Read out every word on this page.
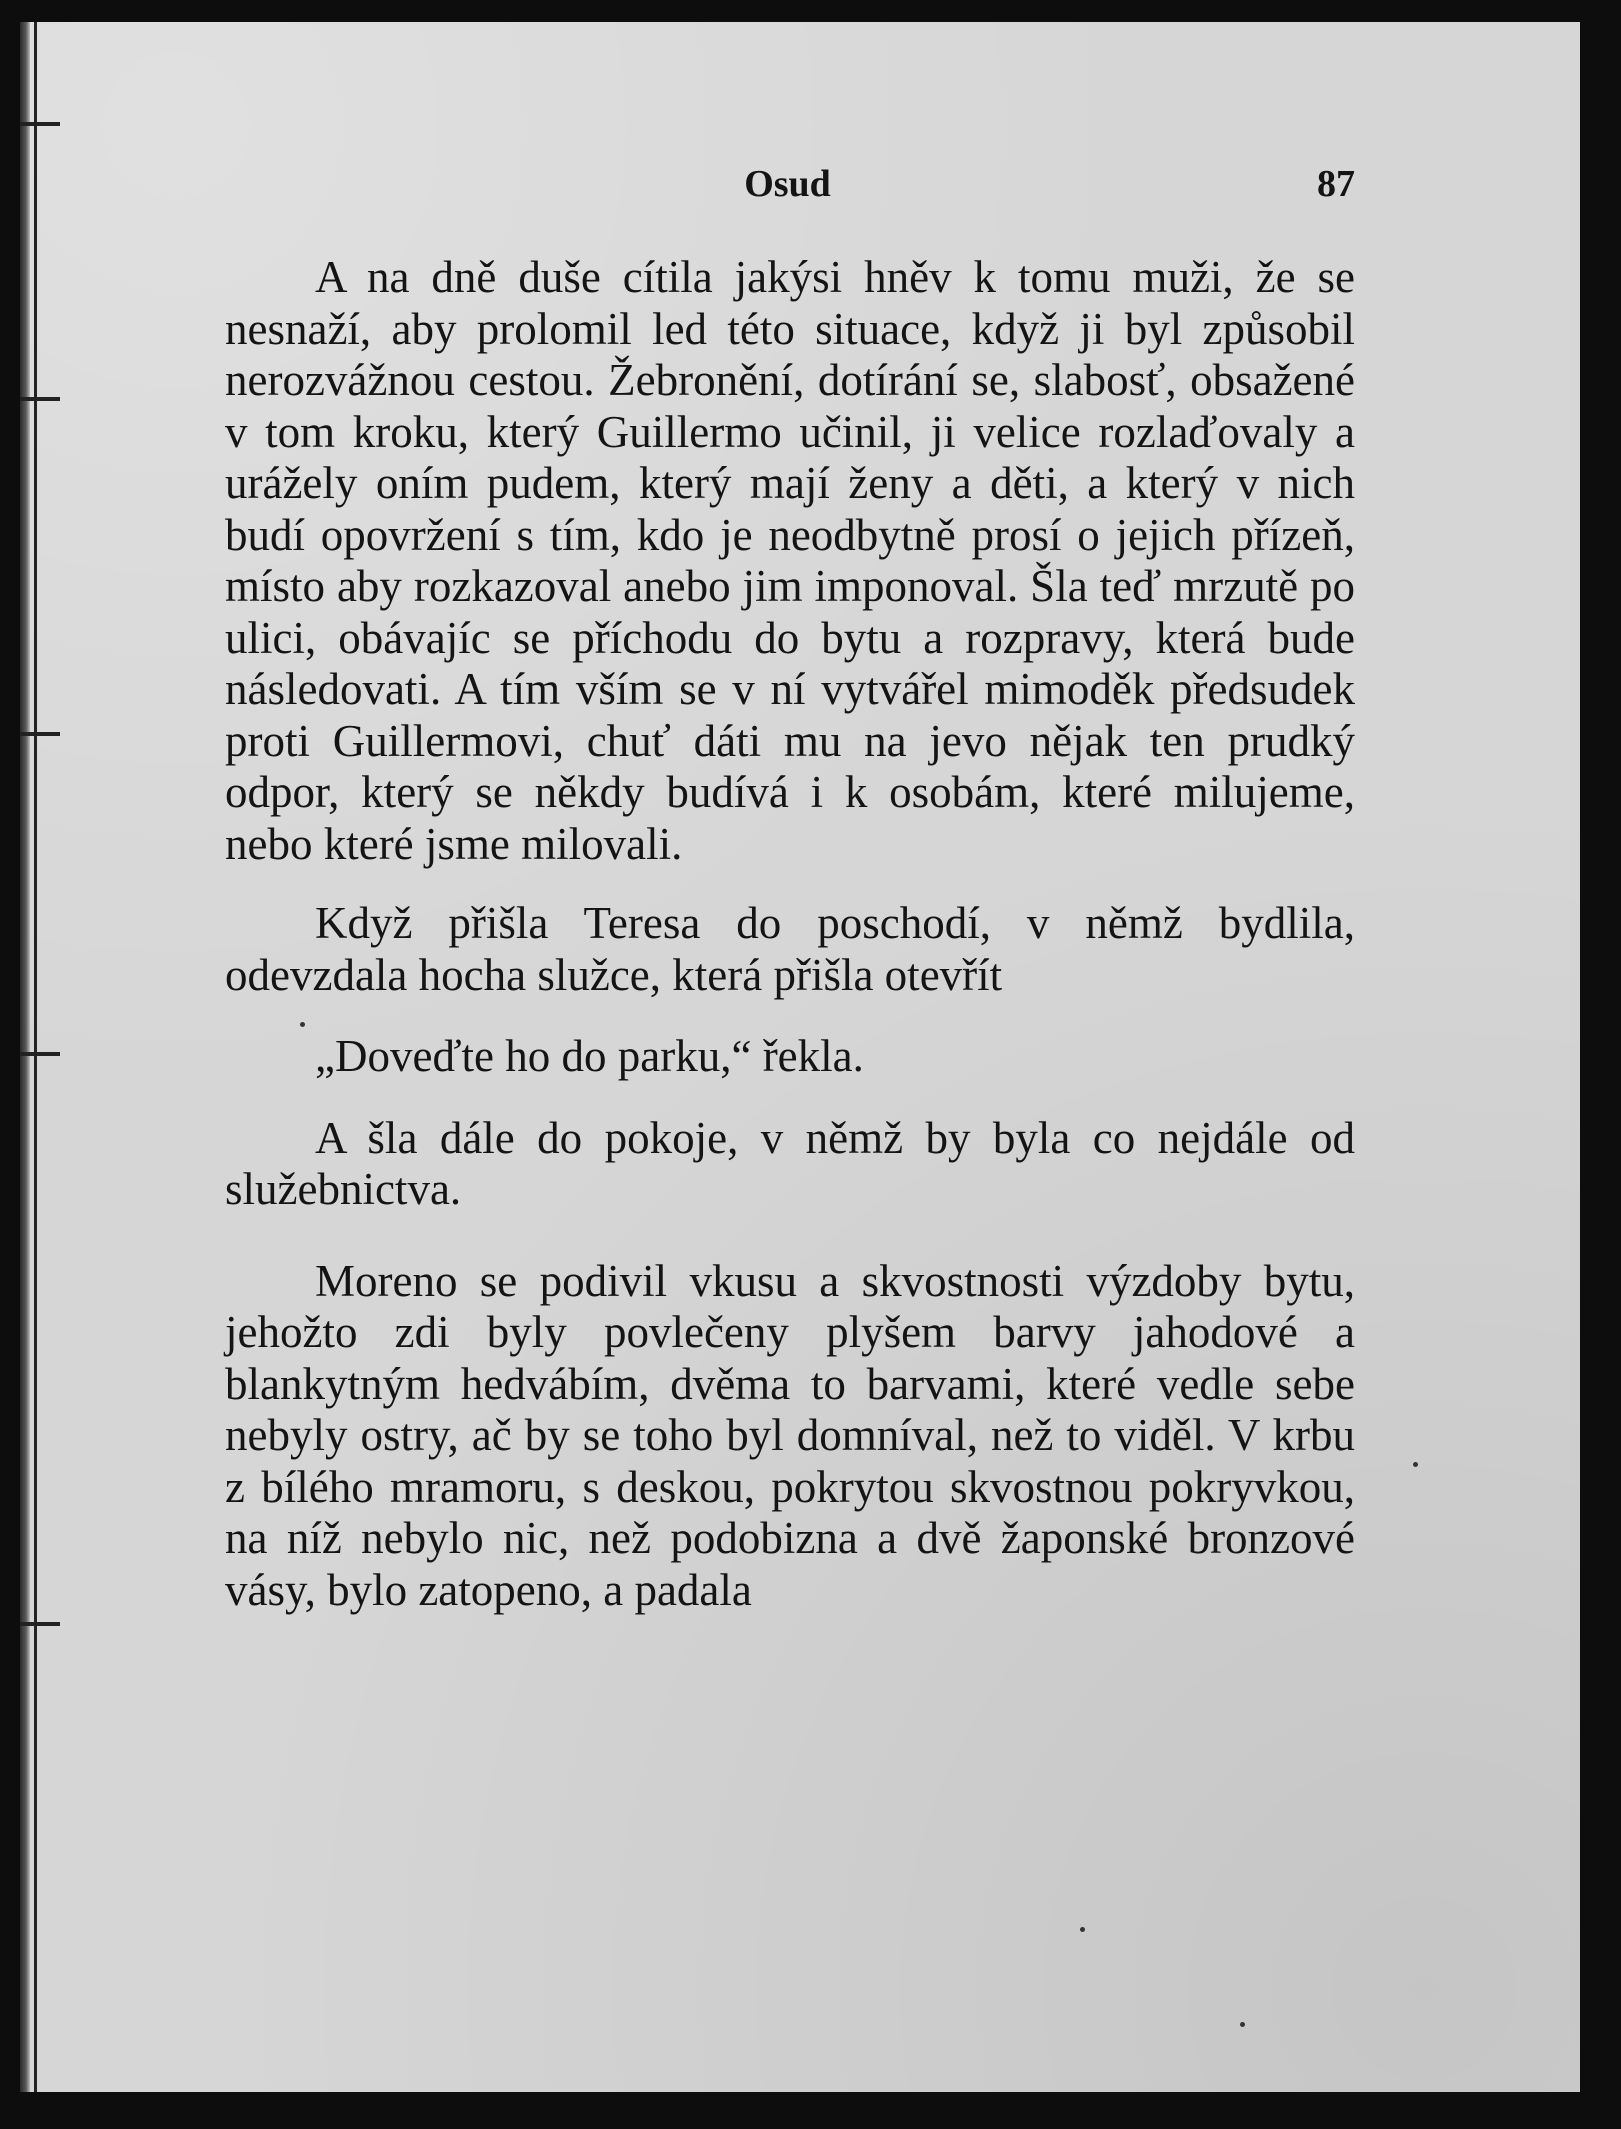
Osud	87

A na dně duše cítila jakýsi hněv k tomu muži, že se nesnaží, aby prolomil led této situace, když ji byl způsobil nerozvážnou cestou. Žebronění, dotírání se, slabosť, obsažené v tom kroku, který Guillermo učinil, ji velice rozlaďovaly a urážely oním pudem, který mají ženy a děti, a který v nich budí opovržení s tím, kdo je neodbytně prosí o jejich přízeň, místo aby rozkazoval anebo jim imponoval. Šla teď mrzutě po ulici, obávajíc se příchodu do bytu a rozpravy, která bude následovati. A tím vším se v ní vytvářel mimoděk předsudek proti Guillermovi, chuť dáti mu na jevo nějak ten prudký odpor, který se někdy budívá i k osobám, které milujeme, nebo které jsme milovali.

Když přišla Teresa do poschodí, v němž bydlila, odevzdala hocha služce, která přišla otevřít

„Doveďte ho do parku,“ řekla.

A šla dále do pokoje, v němž by byla co nejdále od služebnictva.

Moreno se podivil vkusu a skvostnosti výzdoby bytu, jehožto zdi byly povlečeny plyšem barvy jahodové a blankytným hedvábím, dvěma to barvami, které vedle sebe nebyly ostry, ač by se toho byl domníval, než to viděl. V krbu z bílého mramoru, s deskou, pokrytou skvostnou pokryvkou, na níž nebylo nic, než podobizna a dvě žaponské bronzové vásy, bylo zatopeno, a padala
